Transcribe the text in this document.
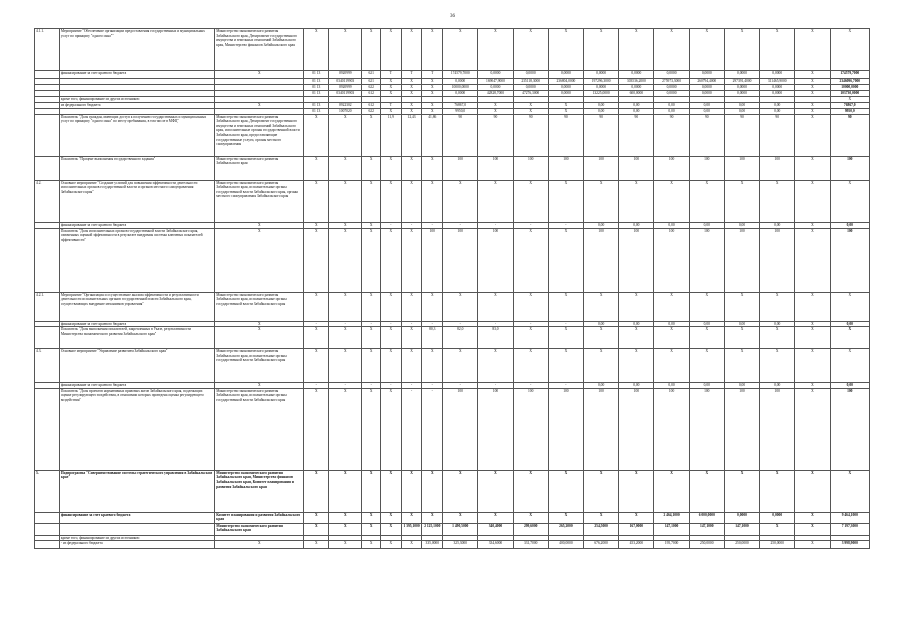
36
4.1.1.	Мероприятие "Обеспечение организации предоставления государственных и муниципальных услуг по принципу "одного окна""	Министерство экономического развития Забайкальского края, Департамент государственного имущества и земельных отношений Забайкальского края, Министерство финансов Забайкальского края	X	X	X	X	X	X	X	X	X	X	X	X	X	X	X	X	X	X
	финансирование за счет краевого бюджета	X	01 13	0920999	621	Т	Т	Т	174579,7000	0,0000	0,0000	0,0000	0,0000	0,0000	0,0000	0,0000	0,0000	0,0000	X	174579,7000
			01 13	0340119903	621	X	X	X	0,0000	169047,9000	235118,3000	236804,0000	197296,3000	303536,2000	275973,3000	260794,4000	297391,4000	311465,9000	X	2346096,7000
			01 13	0920999	622	X	X	X	10000,0000	0,0000	0,0000	0,0000	0,0000	0,0000	0,0000	0,0000	0,0000	0,0000	X	10000,0000
			01 13	0340119903	612	X	X	X	0,0000	42828,7000	47276,3000	0,0000	13225,0000	600,0000	0,0000	0,0000	0,0000	0,0000	X	103730,0000
	кроме того, финансирование из других источников:																			X
	из федерального бюджета	X	01 13	0922302	612	Т	X	X	76867,0	X	X	X	0,00	0,00	0,00	0,00	0,00	0,00	X	76867,0
			01 13	1007020	622	X	X	X	9950,0	X	X	X	0,00	0,00	0,00	0,00	0,00	0,00	X	9950,0
	Показатель "Доля граждан, имеющих доступ к получению государственных и муниципальных услуг по принципу "одного окна" по месту пребывания, в том числе в МФЦ"	Министерство экономического развития Забайкальского края, Департамент государственного имущества и земельных отношений Забайкальского края, исполнительные органы государственной власти Забайкальского края, предоставляющие государственные услуги, органы местного самоуправления	X	X	X	11,9	12,43	41,86	90	90	90	90	90	90	90	90	90	90	X	90
	Показатель "Процент выполнения государственного задания"	Министерство экономического развития Забайкальского края	X	X	X	X	X	X	100	100	100	100	100	100	100	100	100	100	X	100
4.2.	Основное мероприятие "Создание условий для повышения эффективности деятельности исполнительных органов государственной власти и органов местного самоуправления Забайкальского края"	Министерство экономического развития Забайкальского края, исполнительные органы государственной власти Забайкальского края, органы местного самоуправления Забайкальского края	X	X	X	X	X	X	X	X	X	X	X	X	X	X	X	X	X	X
	финансирование за счет краевого бюджета	X	X	X	X	-	-	-	-	-	-	-	0,00	0,00	0,00	0,00	0,00	0,00	X	0,00
	Показатель "Доля исполнительных органов государственной власти Забайкальского края, охваченных оценкой эффективности в результате внедрения системы ключевых показателей эффективности"	X	X	X	X	X	X	100	100	100	X	X	100	100	100	100	100	100	X	100
4.2.1.	Мероприятие "Организация и осуществление анализа эффективности и результативности деятельности исполнительных органов государственной власти Забайкальского края, осуществляющих внедрение механизмов управления"	Министерство экономического развития Забайкальского края, исполнительные органы государственной власти Забайкальского края	X	X	X	X	X	X	X	X	X	X	X	X	X	X	X	X	X	X
	финансирование за счет краевого бюджета	X	-	-	-	-	-	-	-	-	-	-	0,00	0,00	0,00	0,00	0,00	0,00	X	0,00
	Показатель "Доля выполнения показателей, закрепленных в Указе, результативности Министерства экономического развития Забайкальского края"	X	X	X	X	X	X	80,3	82,0	83,0	X	X	X	X	X	X	X	X	X	X
4.3.	Основное мероприятие "Управление развитием Забайкальского края"	Министерство экономического развития Забайкальского края, исполнительные органы государственной власти Забайкальского края	X	X	X	X	X	X	X	X	X	X	X	X	X	X	X	X	X	X
	финансирование за счет краевого бюджета	X	-	-	-	-	-	-	-	-	-	-	0,00	0,00	0,00	0,00	0,00	0,00	X	0,00
	Показатель "Доля проектов нормативных правовых актов Забайкальского края, подлежащих оценке регулирующего воздействия, в отношении которых проведена оценка регулирующего воздействия"	Министерство экономического развития Забайкальского края, исполнительные органы государственной власти Забайкальского края	X	X	X	X	-	-	100	100	100	100	100	100	100	100	100	100	X	100
5.	Подпрограмма "Совершенствование системы стратегического управления в Забайкальском крае"	Министерство экономического развития Забайкальского края, Министерство финансов Забайкальского края, Комитет планирования и развития Забайкальского края	X	X	X	X	X	X	X	X	X	X	X	X	X	X	X	X	X	X
	финансирование за счет краевого бюджета	Комитет планирования и развития Забайкальского края	X	X	X	X	X	X	X	X	X	X	X	X	2 464,1000	6 000,0000	0,0000	0,0000	X	9 464,1000
		Министерство экономического развития Забайкальского края	X	X	X	X	1 395,1000	2 125,1000	1 490,5000	340,4000	299,6000	265,2000	254,5000	167,0000	147,1000	147,1000	147,1000	X	X	7 197,3000
	кроме того, финансирование из других источников:																			
	- из федерального бюджета	X	X	X	X	X	X	335,0000	325,3000	334,6000	331,7000	400,0000	676,2000	453,2000	195,7000	250,0000	250,0000	250,0000	X	3 998,9000
